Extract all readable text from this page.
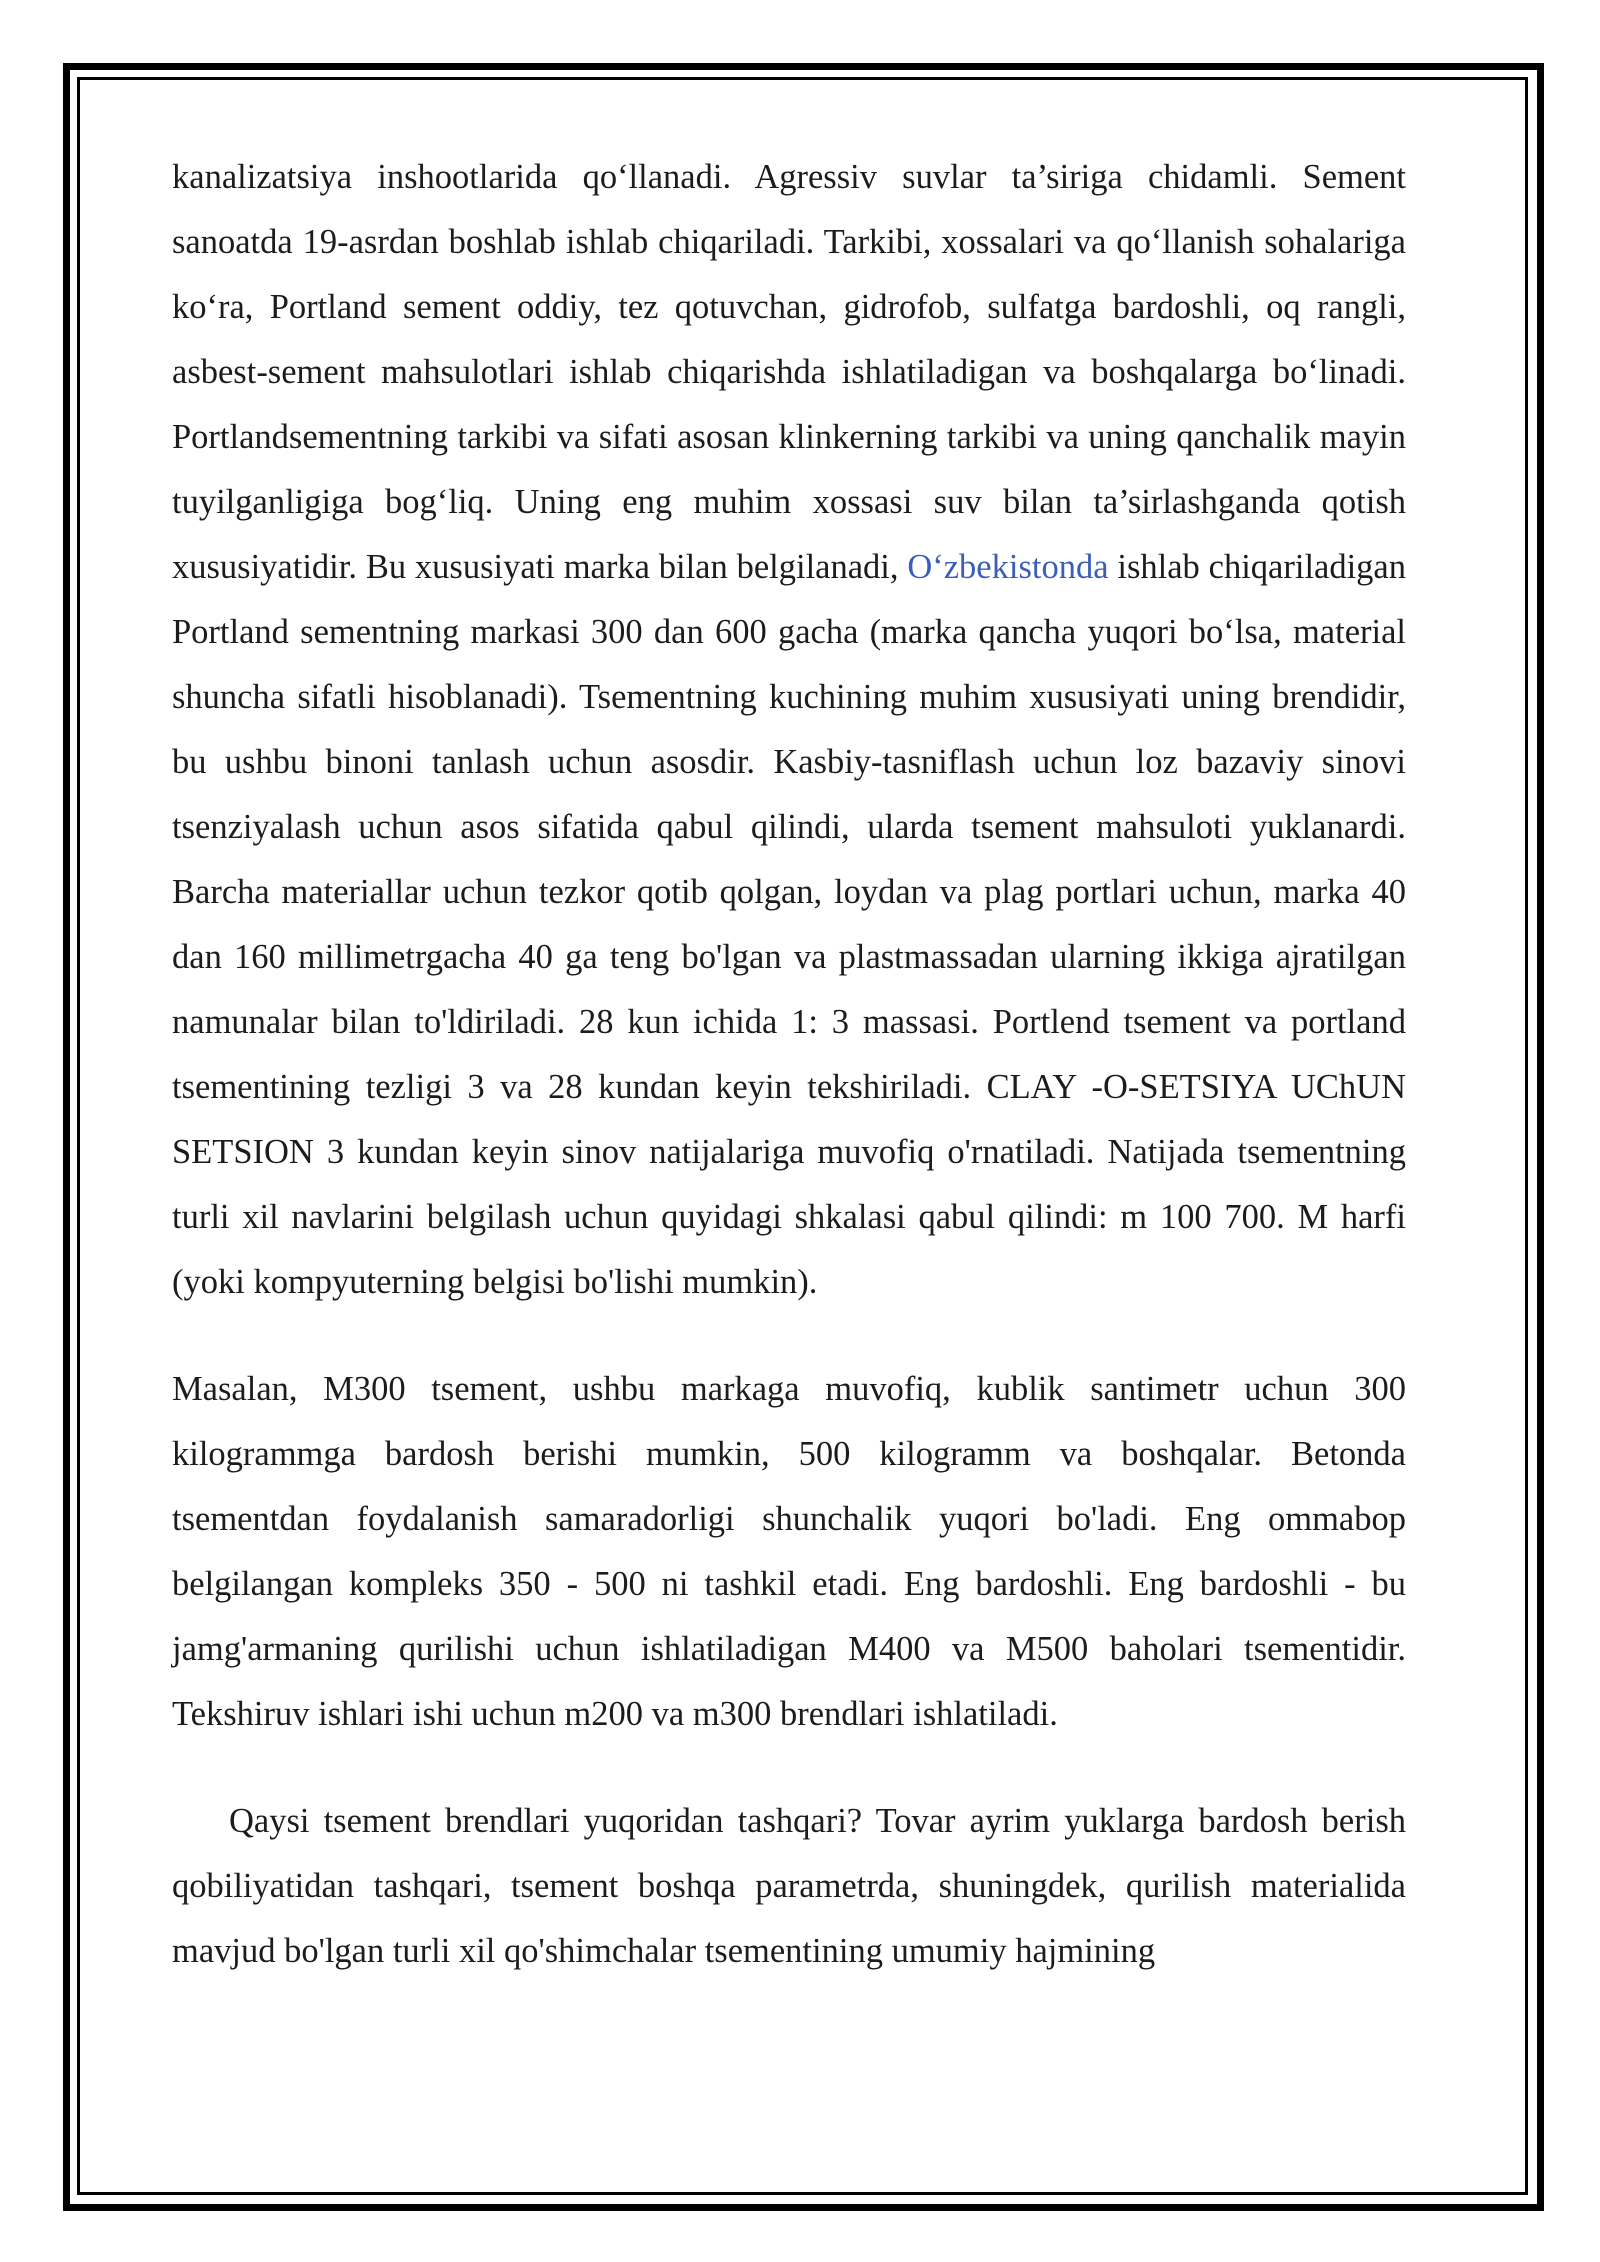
kanalizatsiya inshootlarida qo‘llanadi. Agressiv suvlar ta’siriga chidamli. Sement sanoatda 19-asrdan boshlab ishlab chiqariladi. Tarkibi, xossalari va qo‘llanish sohalariga ko‘ra, Portland sement oddiy, tez qotuvchan, gidrofob, sulfatga bardoshli, oq rangli, asbest-sement mahsulotlari ishlab chiqarishda ishlatiladigan va boshqalarga bo‘linadi. Portlandsementning tarkibi va sifati asosan klinkerning tarkibi va uning qanchalik mayin tuyilganligiga bog‘liq. Uning eng muhim xossasi suv bilan ta’sirlashganda qotish xususiyatidir. Bu xususiyati marka bilan belgilanadi, O‘zbekistonda ishlab chiqariladigan Portland sementning markasi 300 dan 600 gacha (marka qancha yuqori bo‘lsa, material shuncha sifatli hisoblanadi). Tsementning kuchining muhim xususiyati uning brendidir, bu ushbu binoni tanlash uchun asosdir. Kasbiy-tasniflash uchun loz bazaviy sinovi tsenziyalash uchun asos sifatida qabul qilindi, ularda tsement mahsuloti yuklanardi. Barcha materiallar uchun tezkor qotib qolgan, loydan va plag portlari uchun, marka 40 dan 160 millimetrgacha 40 ga teng bo'lgan va plastmassadan ularning ikkiga ajratilgan namunalar bilan to'ldiriladi. 28 kun ichida 1: 3 massasi. Portlend tsement va portland tsementining tezligi 3 va 28 kundan keyin tekshiriladi. CLAY -O-SETSIYA UChUN SETSION 3 kundan keyin sinov natijalariga muvofiq o'rnatiladi. Natijada tsementning turli xil navlarini belgilash uchun quyidagi shkalasi qabul qilindi: m 100 700. M harfi (yoki kompyuterning belgisi bo'lishi mumkin).

Masalan, M300 tsement, ushbu markaga muvofiq, kublik santimetr uchun 300 kilogrammga bardosh berishi mumkin, 500 kilogramm va boshqalar. Betonda tsementdan foydalanish samaradorligi shunchalik yuqori bo'ladi. Eng ommabop belgilangan kompleks 350 - 500 ni tashkil etadi. Eng bardoshli. Eng bardoshli - bu jamg'armaning qurilishi uchun ishlatiladigan M400 va M500 baholari tsementidir. Tekshiruv ishlari ishi uchun m200 va m300 brendlari ishlatiladi.

Qaysi tsement brendlari yuqoridan tashqari? Tovar ayrim yuklarga bardosh berish qobiliyatidan tashqari, tsement boshqa parametrda, shuningdek, qurilish materialida mavjud bo'lgan turli xil qo'shimchalar tsementining umumiy hajmining
